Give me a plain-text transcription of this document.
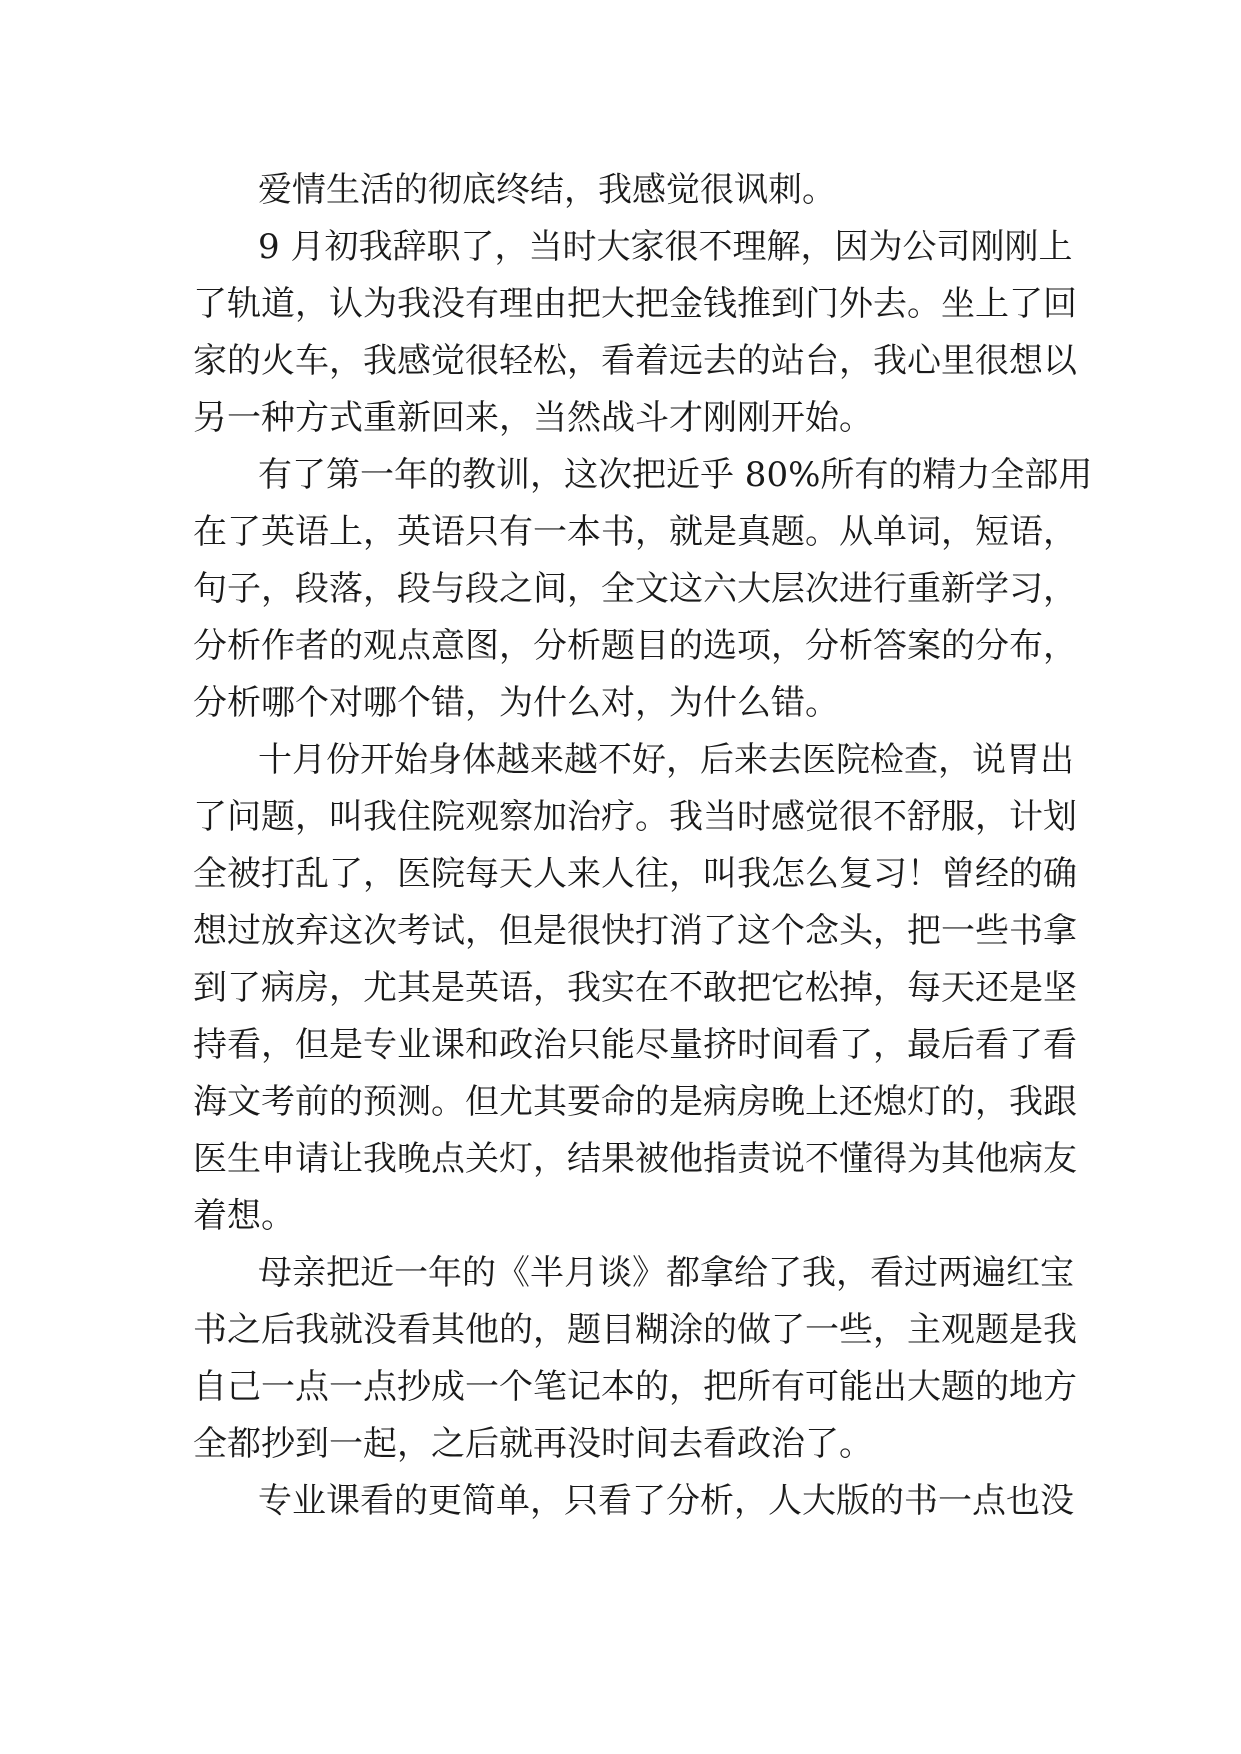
爱情生活的彻底终结，我感觉很讽刺。
9 月初我辞职了，当时大家很不理解，因为公司刚刚上
了轨道，认为我没有理由把大把金钱推到门外去。坐上了回
家的火车，我感觉很轻松，看着远去的站台，我心里很想以
另一种方式重新回来，当然战斗才刚刚开始。
有了第一年的教训，这次把近乎 80%所有的精力全部用
在了英语上，英语只有一本书，就是真题。从单词，短语，
句子，段落，段与段之间，全文这六大层次进行重新学习，
分析作者的观点意图，分析题目的选项，分析答案的分布，
分析哪个对哪个错，为什么对，为什么错。
十月份开始身体越来越不好，后来去医院检查，说胃出
了问题，叫我住院观察加治疗。我当时感觉很不舒服，计划
全被打乱了，医院每天人来人往，叫我怎么复习！曾经的确
想过放弃这次考试，但是很快打消了这个念头，把一些书拿
到了病房，尤其是英语，我实在不敢把它松掉，每天还是坚
持看，但是专业课和政治只能尽量挤时间看了，最后看了看
海文考前的预测。但尤其要命的是病房晚上还熄灯的，我跟
医生申请让我晚点关灯，结果被他指责说不懂得为其他病友
着想。
母亲把近一年的《半月谈》都拿给了我，看过两遍红宝
书之后我就没看其他的，题目糊涂的做了一些，主观题是我
自己一点一点抄成一个笔记本的，把所有可能出大题的地方
全都抄到一起，之后就再没时间去看政治了。
专业课看的更简单，只看了分析，人大版的书一点也没
